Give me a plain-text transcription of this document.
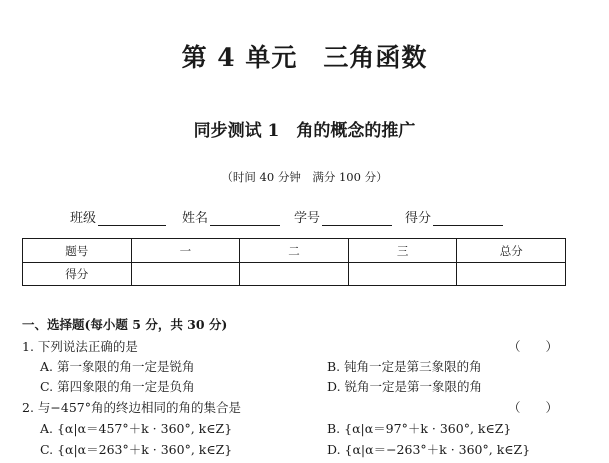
第 4 单元　三角函数
同步测试 1　角的概念的推广
（时间 40 分钟　满分 100 分）
班级	姓名	学号	得分
题号	一	二	三	总分
得分				
一、选择题(每小题 5 分，共 30 分)
1. 下列说法正确的是	（　　）
A. 第一象限的角一定是锐角	B. 钝角一定是第三象限的角
C. 第四象限的角一定是负角	D. 锐角一定是第一象限的角
2. 与−457°角的终边相同的角的集合是	（　　）
A. {α|α＝457°＋k · 360°, k∈Z}	B. {α|α＝97°＋k · 360°, k∈Z}
C. {α|α＝263°＋k · 360°, k∈Z}	D. {α|α＝−263°＋k · 360°, k∈Z}
